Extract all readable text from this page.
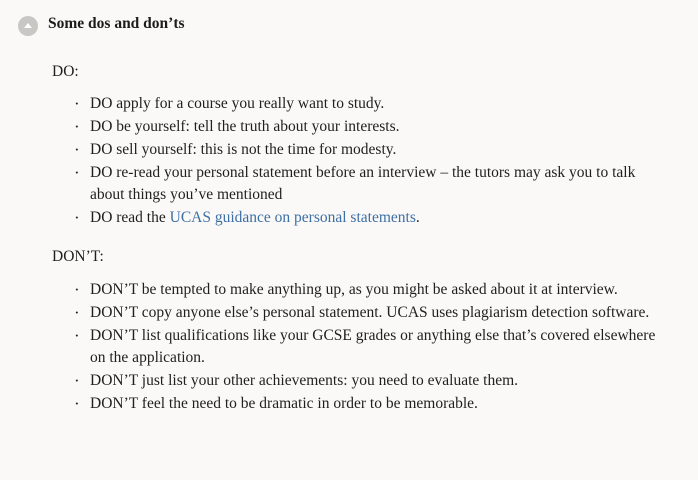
Some dos and don’ts

DO:

· DO apply for a course you really want to study.
· DO be yourself: tell the truth about your interests.
· DO sell yourself: this is not the time for modesty.
· DO re-read your personal statement before an interview – the tutors may ask you to talk about things you’ve mentioned
· DO read the UCAS guidance on personal statements.

DON’T:

· DON’T be tempted to make anything up, as you might be asked about it at interview.
· DON’T copy anyone else’s personal statement. UCAS uses plagiarism detection software.
· DON’T list qualifications like your GCSE grades or anything else that’s covered elsewhere on the application.
· DON’T just list your other achievements: you need to evaluate them.
· DON’T feel the need to be dramatic in order to be memorable.
